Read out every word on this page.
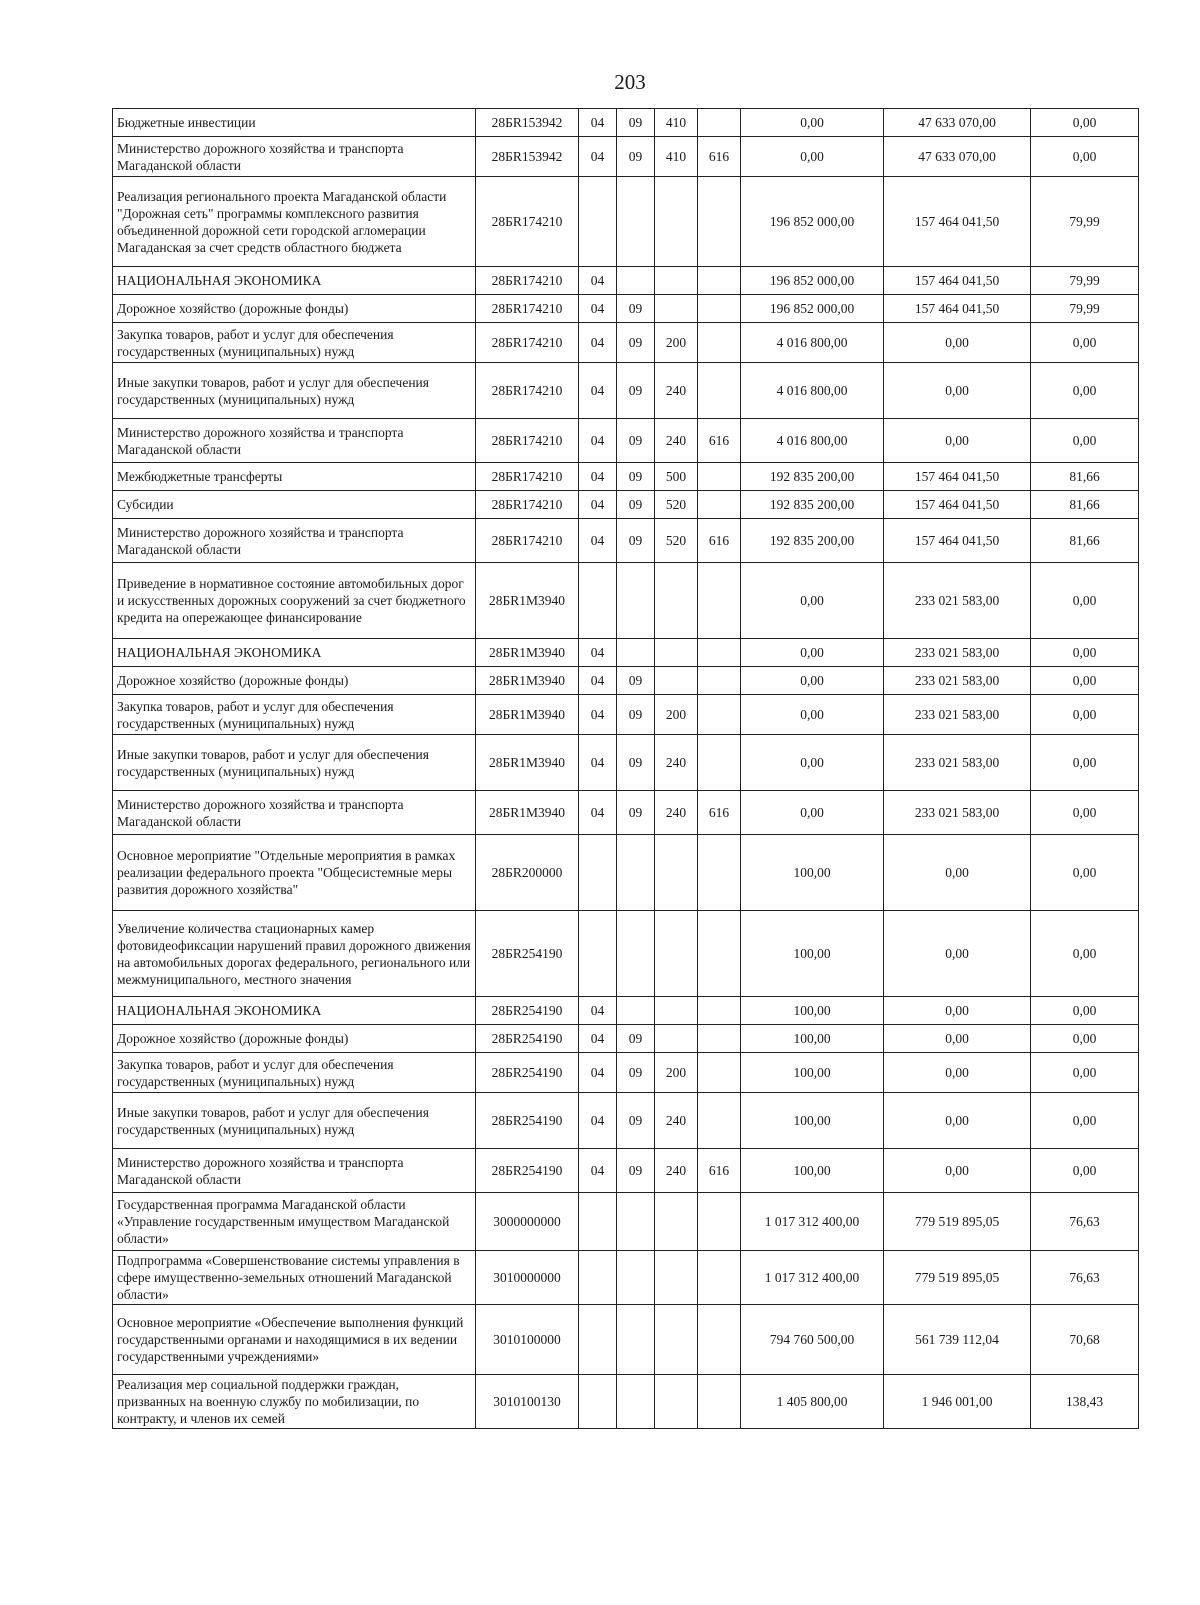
203
Бюджетные инвестиции	28БR153942	04	09	410		0,00	47 633 070,00	0,00
Министерство дорожного хозяйства и транспорта Магаданской области	28БR153942	04	09	410	616	0,00	47 633 070,00	0,00
Реализация регионального проекта Магаданской области "Дорожная сеть" программы комплексного развития объединенной дорожной сети городской агломерации Магаданская за счет средств областного бюджета	28БR174210					196 852 000,00	157 464 041,50	79,99
НАЦИОНАЛЬНАЯ ЭКОНОМИКА	28БR174210	04				196 852 000,00	157 464 041,50	79,99
Дорожное хозяйство (дорожные фонды)	28БR174210	04	09			196 852 000,00	157 464 041,50	79,99
Закупка товаров, работ и услуг для обеспечения государственных (муниципальных) нужд	28БR174210	04	09	200		4 016 800,00	0,00	0,00
Иные закупки товаров, работ и услуг для обеспечения государственных (муниципальных) нужд	28БR174210	04	09	240		4 016 800,00	0,00	0,00
Министерство дорожного хозяйства и транспорта Магаданской области	28БR174210	04	09	240	616	4 016 800,00	0,00	0,00
Межбюджетные трансферты	28БR174210	04	09	500		192 835 200,00	157 464 041,50	81,66
Субсидии	28БR174210	04	09	520		192 835 200,00	157 464 041,50	81,66
Министерство дорожного хозяйства и транспорта Магаданской области	28БR174210	04	09	520	616	192 835 200,00	157 464 041,50	81,66
Приведение в нормативное состояние автомобильных дорог и искусственных дорожных сооружений за счет бюджетного кредита на опережающее финансирование	28БR1M3940					0,00	233 021 583,00	0,00
НАЦИОНАЛЬНАЯ ЭКОНОМИКА	28БR1M3940	04				0,00	233 021 583,00	0,00
Дорожное хозяйство (дорожные фонды)	28БR1M3940	04	09			0,00	233 021 583,00	0,00
Закупка товаров, работ и услуг для обеспечения государственных (муниципальных) нужд	28БR1M3940	04	09	200		0,00	233 021 583,00	0,00
Иные закупки товаров, работ и услуг для обеспечения государственных (муниципальных) нужд	28БR1M3940	04	09	240		0,00	233 021 583,00	0,00
Министерство дорожного хозяйства и транспорта Магаданской области	28БR1M3940	04	09	240	616	0,00	233 021 583,00	0,00
Основное мероприятие "Отдельные мероприятия в рамках реализации федерального проекта "Общесистемные меры развития дорожного хозяйства"	28БR200000					100,00	0,00	0,00
Увеличение количества стационарных камер фотовидеофиксации нарушений правил дорожного движения на автомобильных дорогах федерального, регионального или межмуниципального, местного значения	28БR254190					100,00	0,00	0,00
НАЦИОНАЛЬНАЯ ЭКОНОМИКА	28БR254190	04				100,00	0,00	0,00
Дорожное хозяйство (дорожные фонды)	28БR254190	04	09			100,00	0,00	0,00
Закупка товаров, работ и услуг для обеспечения государственных (муниципальных) нужд	28БR254190	04	09	200		100,00	0,00	0,00
Иные закупки товаров, работ и услуг для обеспечения государственных (муниципальных) нужд	28БR254190	04	09	240		100,00	0,00	0,00
Министерство дорожного хозяйства и транспорта Магаданской области	28БR254190	04	09	240	616	100,00	0,00	0,00
Государственная программа Магаданской области «Управление государственным имуществом Магаданской области»	3000000000					1 017 312 400,00	779 519 895,05	76,63
Подпрограмма «Совершенствование системы управления в сфере имущественно-земельных отношений Магаданской области»	3010000000					1 017 312 400,00	779 519 895,05	76,63
Основное мероприятие «Обеспечение выполнения функций государственными органами и находящимися в их ведении государственными учреждениями»	3010100000					794 760 500,00	561 739 112,04	70,68
Реализация мер социальной поддержки граждан, призванных на военную службу по мобилизации, по контракту, и членов их семей	3010100130					1 405 800,00	1 946 001,00	138,43
